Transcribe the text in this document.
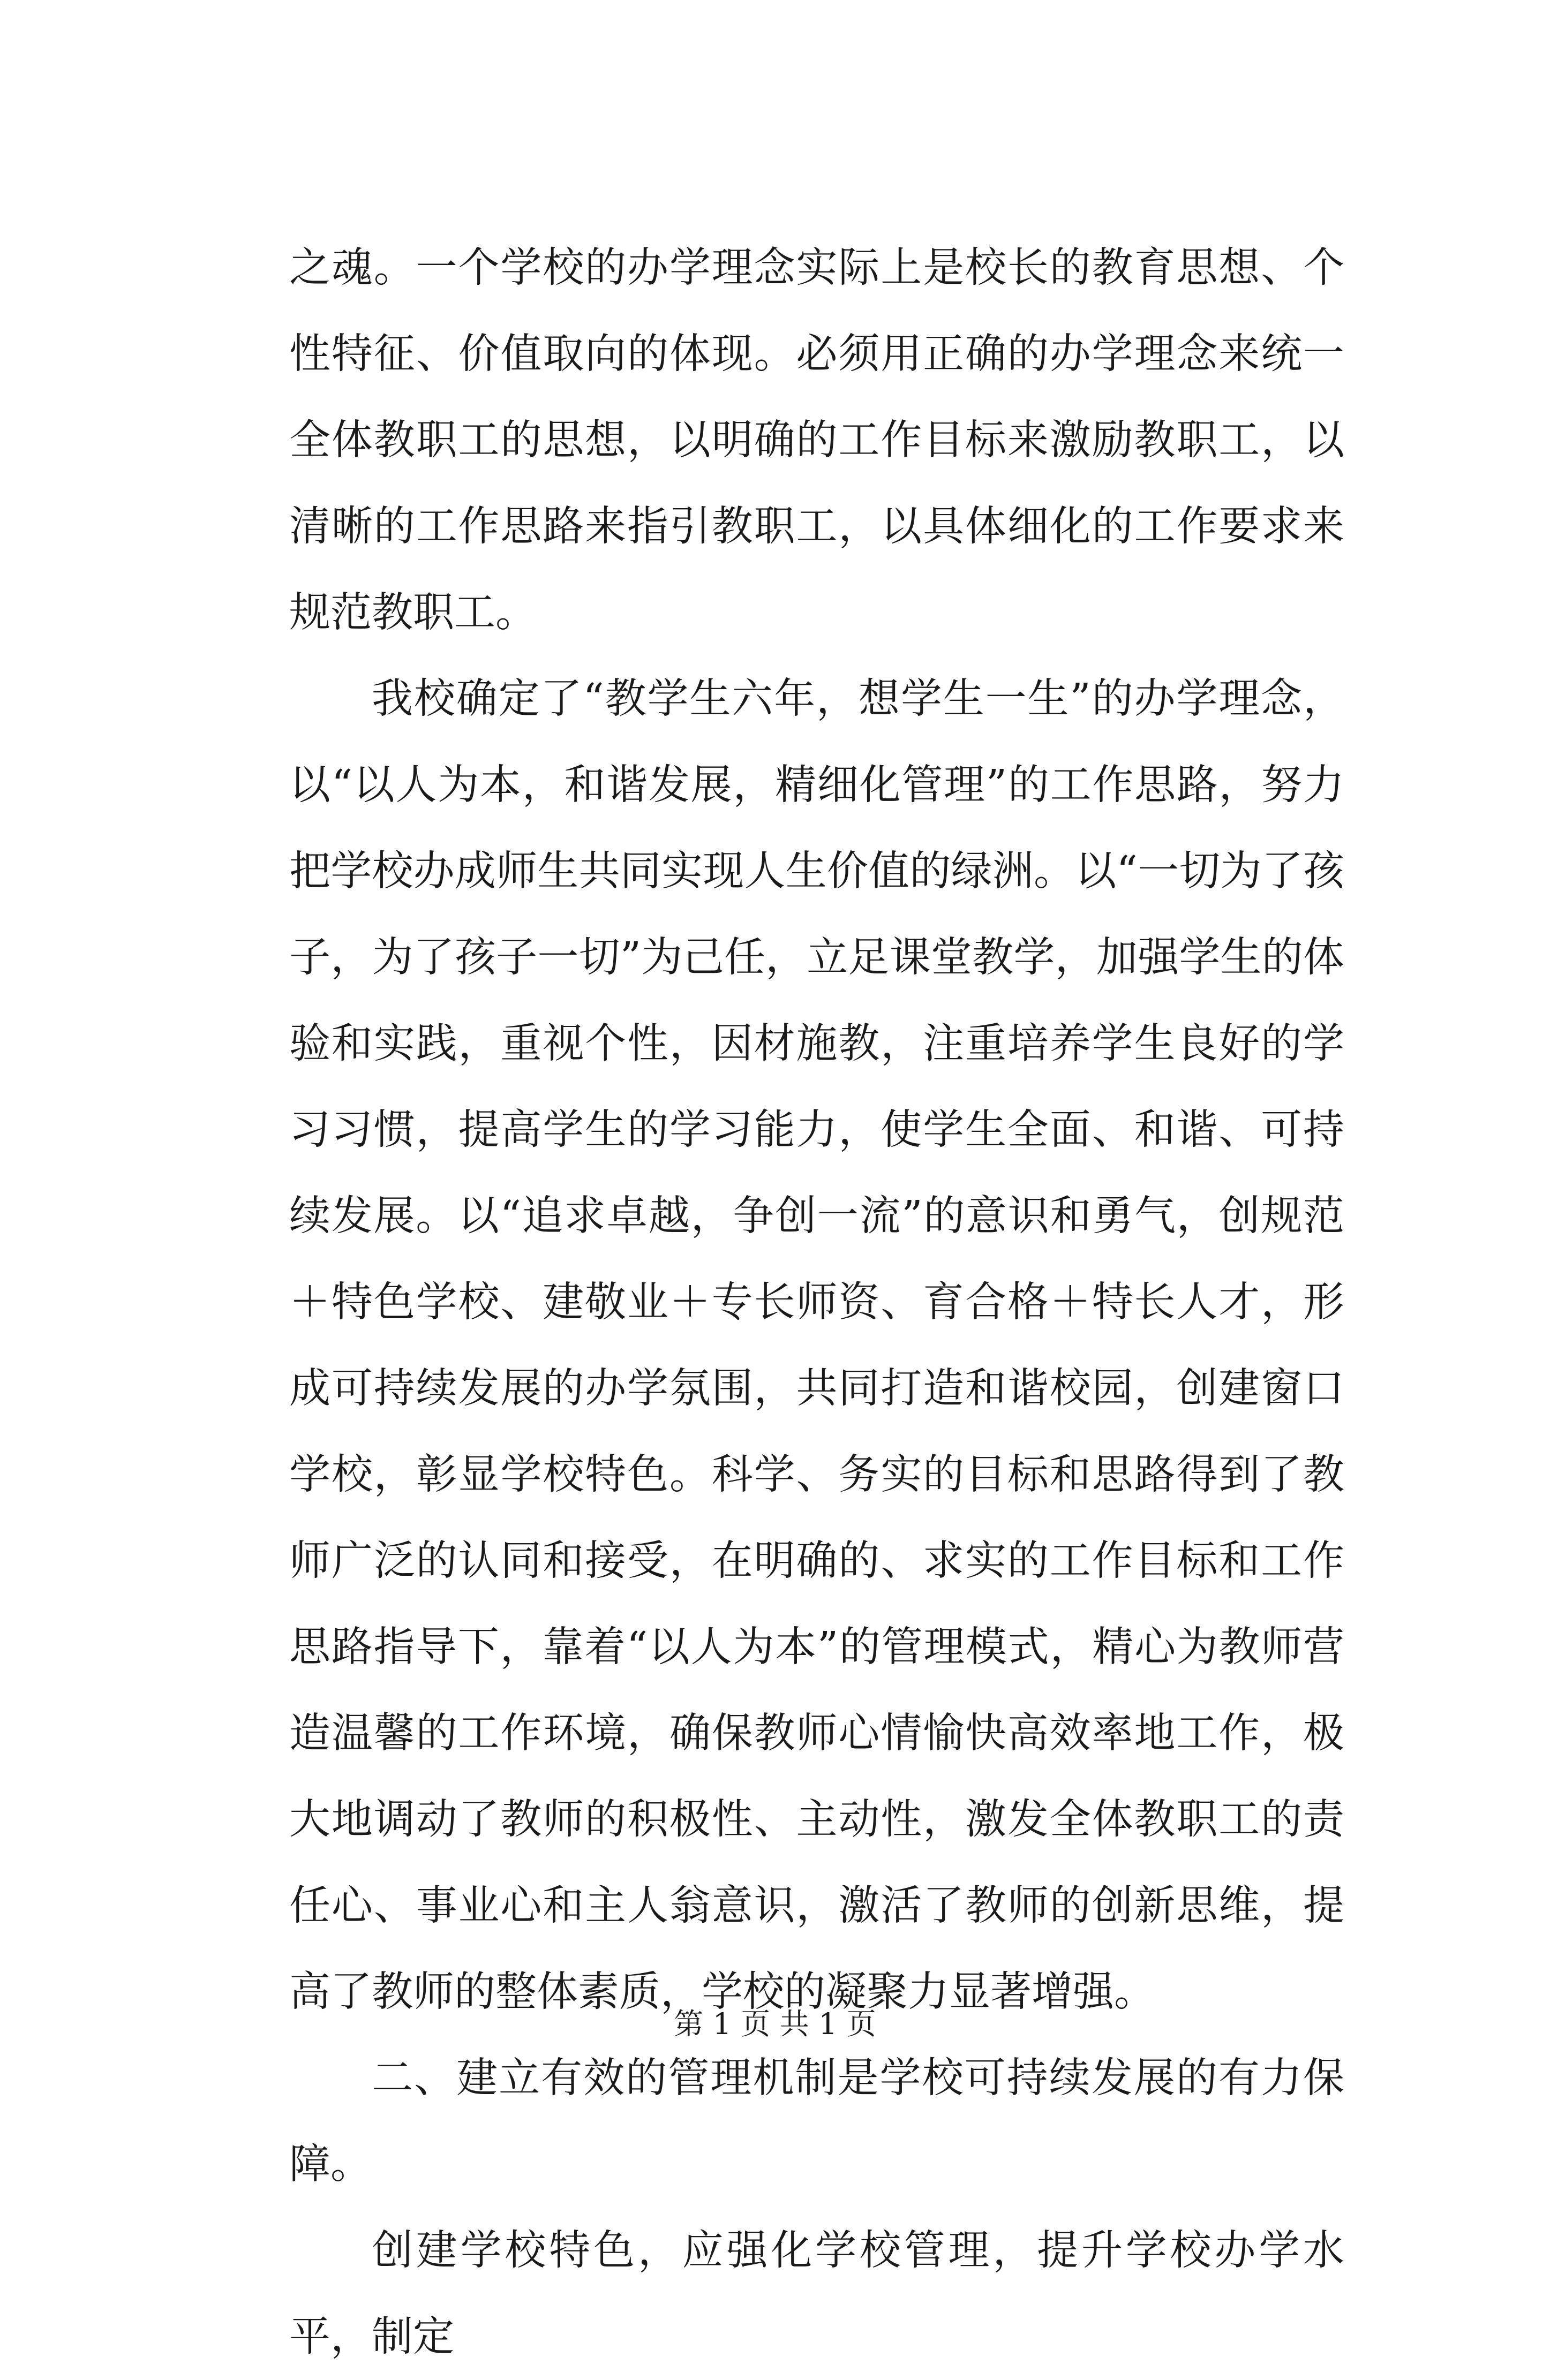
之魂。一个学校的办学理念实际上是校长的教育思想、个性特征、价值取向的体现。必须用正确的办学理念来统一全体教职工的思想，以明确的工作目标来激励教职工，以清晰的工作思路来指引教职工，以具体细化的工作要求来规范教职工。

我校确定了“教学生六年，想学生一生”的办学理念，以“以人为本，和谐发展，精细化管理”的工作思路，努力把学校办成师生共同实现人生价值的绿洲。以“一切为了孩子，为了孩子一切”为己任，立足课堂教学，加强学生的体验和实践，重视个性，因材施教，注重培养学生良好的学习习惯，提高学生的学习能力，使学生全面、和谐、可持续发展。以“追求卓越，争创一流”的意识和勇气，创规范＋特色学校、建敬业＋专长师资、育合格＋特长人才，形成可持续发展的办学氛围，共同打造和谐校园，创建窗口学校，彰显学校特色。科学、务实的目标和思路得到了教师广泛的认同和接受，在明确的、求实的工作目标和工作思路指导下，靠着“以人为本”的管理模式，精心为教师营造温馨的工作环境，确保教师心情愉快高效率地工作，极大地调动了教师的积极性、主动性，激发全体教职工的责任心、事业心和主人翁意识，激活了教师的创新思维，提高了教师的整体素质，学校的凝聚力显著增强。

二、建立有效的管理机制是学校可持续发展的有力保障。

创建学校特色，应强化学校管理，提升学校办学水平，制定

第 1 页 共 1 页
